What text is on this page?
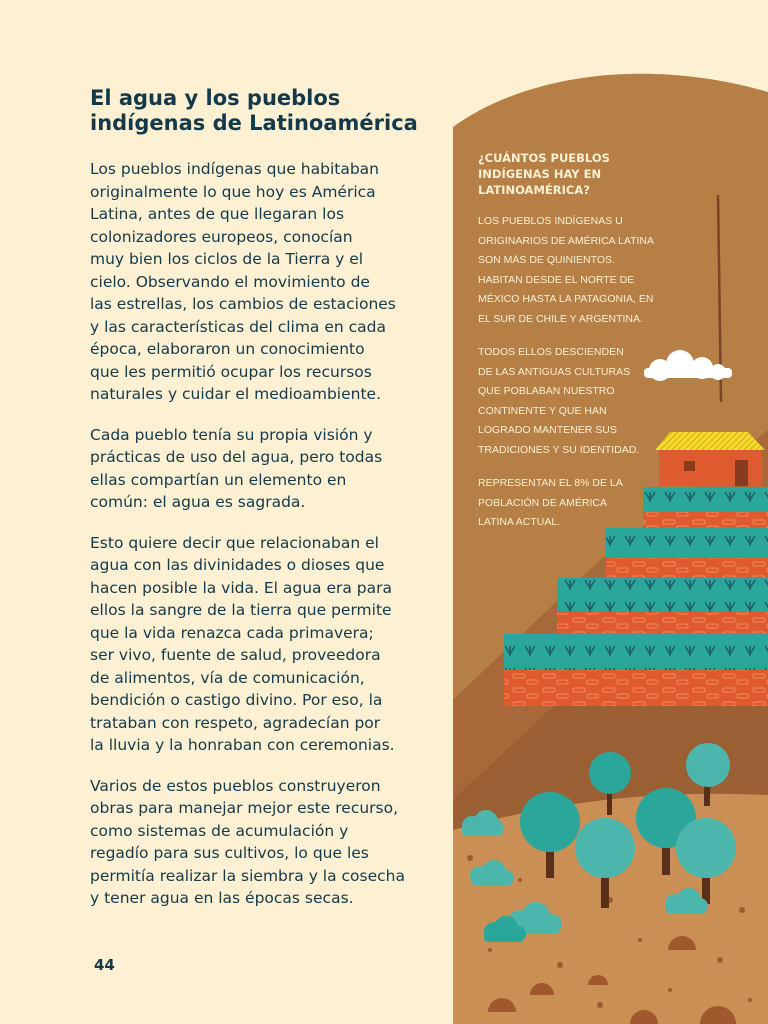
El agua y los pueblos
indígenas de Latinoamérica

Los pueblos indígenas que habitaban
originalmente lo que hoy es América
Latina, antes de que llegaran los
colonizadores europeos, conocían
muy bien los ciclos de la Tierra y el
cielo. Observando el movimiento de
las estrellas, los cambios de estaciones
y las características del clima en cada
época, elaboraron un conocimiento
que les permitió ocupar los recursos
naturales y cuidar el medioambiente.

Cada pueblo tenía su propia visión y
prácticas de uso del agua, pero todas
ellas compartían un elemento en
común: el agua es sagrada.

Esto quiere decir que relacionaban el
agua con las divinidades o dioses que
hacen posible la vida. El agua era para
ellos la sangre de la tierra que permite
que la vida renazca cada primavera;
ser vivo, fuente de salud, proveedora
de alimentos, vía de comunicación,
bendición o castigo divino. Por eso, la
trataban con respeto, agradecían por
la lluvia y la honraban con ceremonias.

Varios de estos pueblos construyeron
obras para manejar mejor este recurso,
como sistemas de acumulación y
regadío para sus cultivos, lo que les
permitía realizar la siembra y la cosecha
y tener agua en las épocas secas.

¿CUÁNTOS PUEBLOS
INDÍGENAS HAY EN
LATINOAMÉRICA?

LOS PUEBLOS INDÍGENAS U
ORIGINARIOS DE AMÉRICA LATINA
SON MÁS DE QUINIENTOS.
HABITAN DESDE EL NORTE DE
MÉXICO HASTA LA PATAGONIA, EN
EL SUR DE CHILE Y ARGENTINA.

TODOS ELLOS DESCIENDEN
DE LAS ANTIGUAS CULTURAS
QUE POBLABAN NUESTRO
CONTINENTE Y QUE HAN
LOGRADO MANTENER SUS
TRADICIONES Y SU IDENTIDAD.

REPRESENTAN EL 8% DE LA
POBLACIÓN DE AMÉRICA
LATINA ACTUAL.

44
